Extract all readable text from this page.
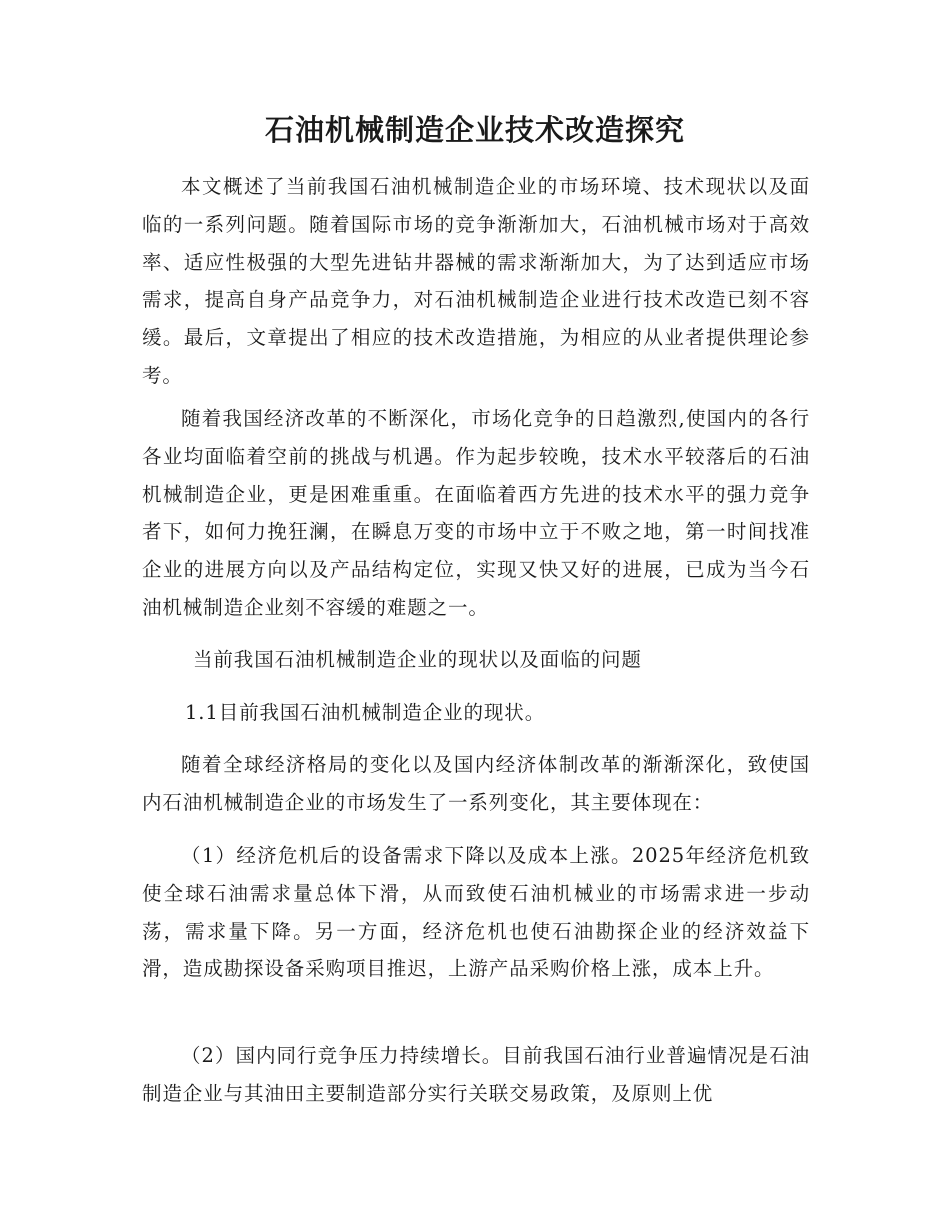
石油机械制造企业技术改造探究

本文概述了当前我国石油机械制造企业的市场环境、技术现状以及面临的一系列问题。随着国际市场的竞争渐渐加大，石油机械市场对于高效率、适应性极强的大型先进钻井器械的需求渐渐加大，为了达到适应市场需求，提高自身产品竞争力，对石油机械制造企业进行技术改造已刻不容缓。最后，文章提出了相应的技术改造措施，为相应的从业者提供理论参考。

随着我国经济改革的不断深化，市场化竞争的日趋激烈,使国内的各行各业均面临着空前的挑战与机遇。作为起步较晚，技术水平较落后的石油机械制造企业，更是困难重重。在面临着西方先进的技术水平的强力竞争者下，如何力挽狂澜，在瞬息万变的市场中立于不败之地，第一时间找准企业的进展方向以及产品结构定位，实现又快又好的进展，已成为当今石油机械制造企业刻不容缓的难题之一。

当前我国石油机械制造企业的现状以及面临的问题
1.1目前我国石油机械制造企业的现状。

随着全球经济格局的变化以及国内经济体制改革的渐渐深化，致使国内石油机械制造企业的市场发生了一系列变化，其主要体现在：

（1）经济危机后的设备需求下降以及成本上涨。2025年经济危机致使全球石油需求量总体下滑，从而致使石油机械业的市场需求进一步动荡，需求量下降。另一方面，经济危机也使石油勘探企业的经济效益下滑，造成勘探设备采购项目推迟，上游产品采购价格上涨，成本上升。

（2）国内同行竞争压力持续增长。目前我国石油行业普遍情况是石油制造企业与其油田主要制造部分实行关联交易政策，及原则上优
